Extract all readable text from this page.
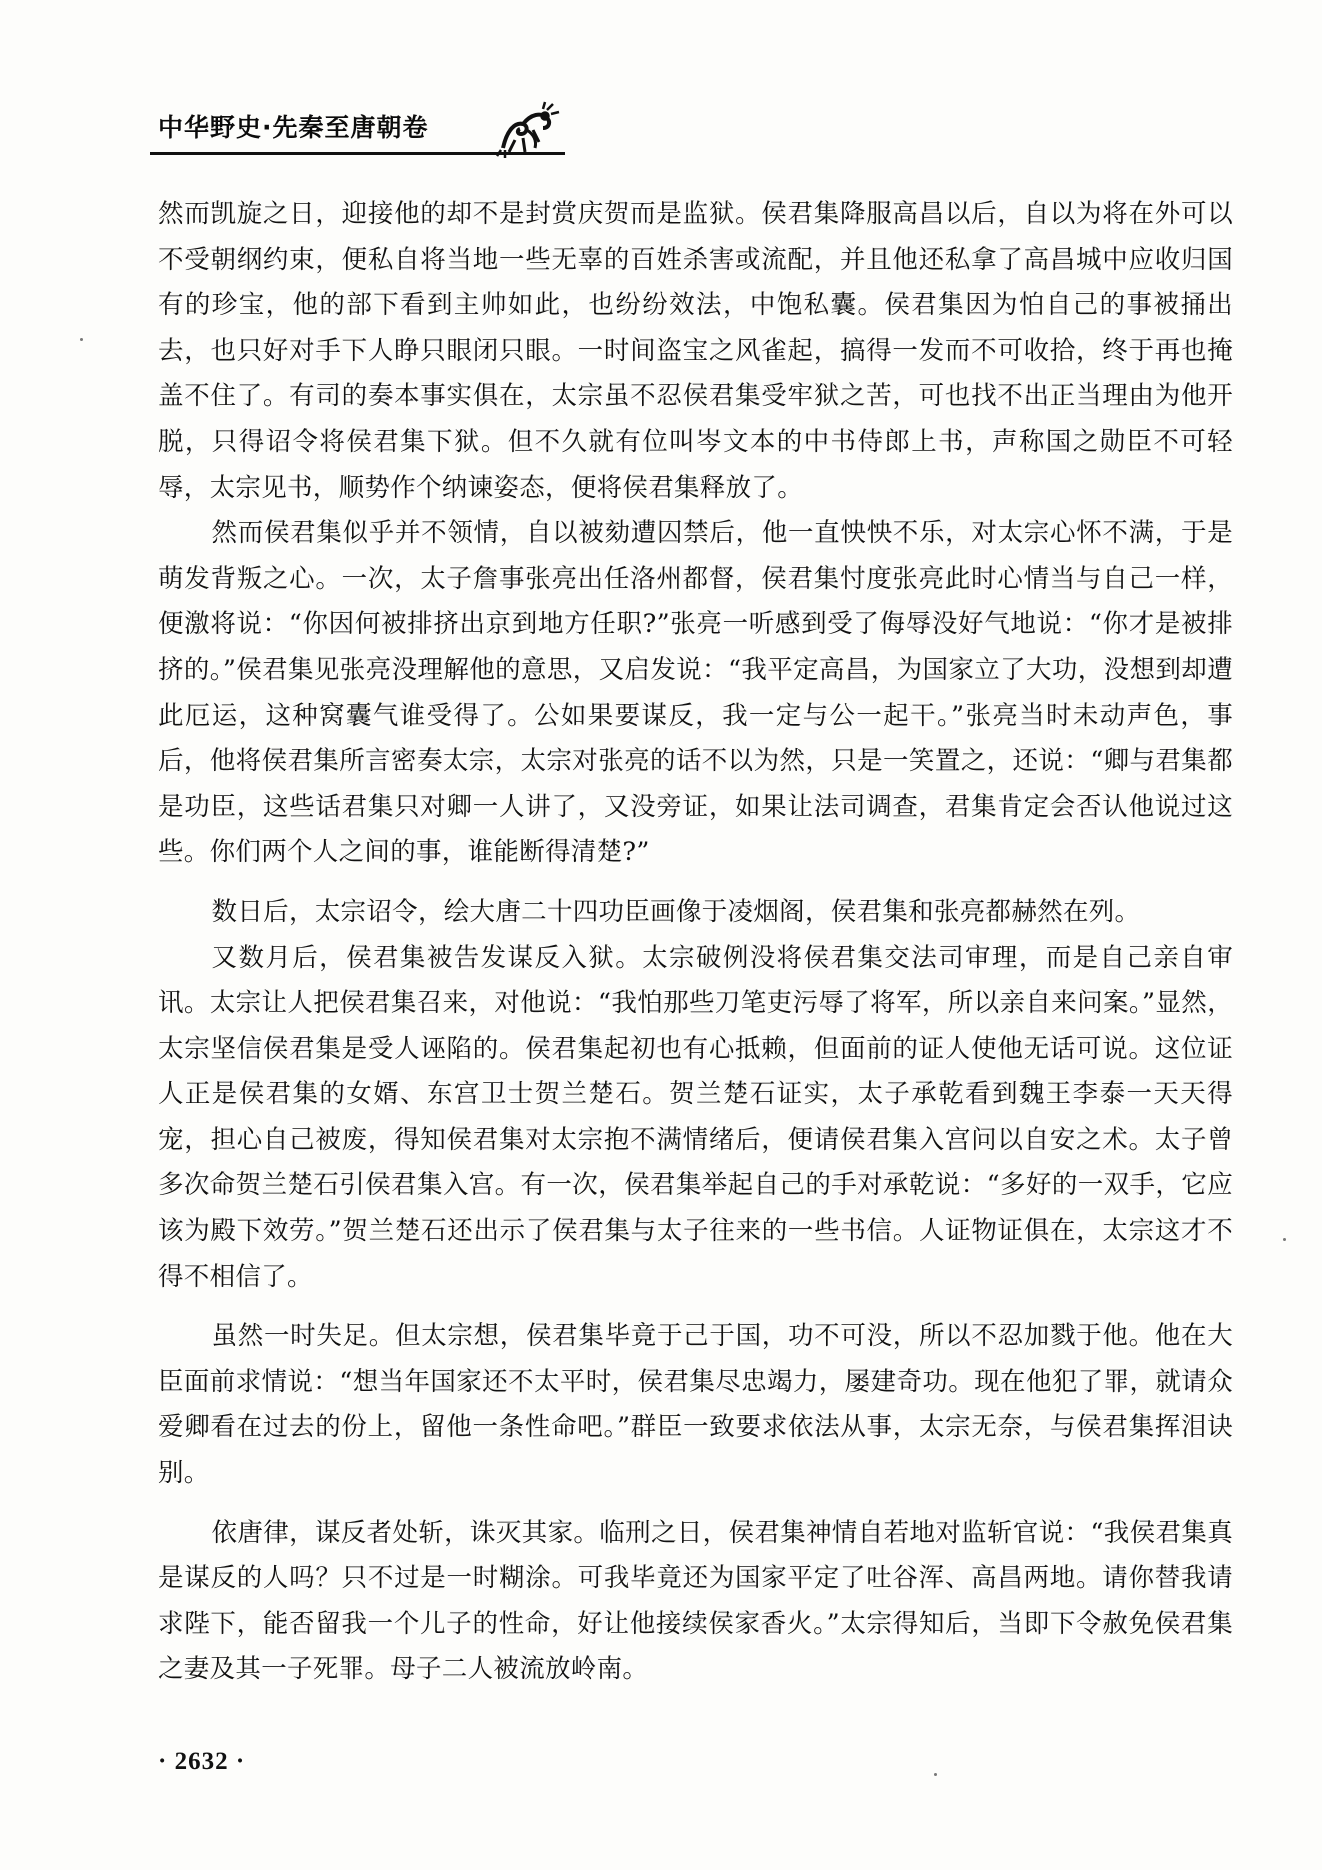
中华野史·先秦至唐朝卷

然而凯旋之日，迎接他的却不是封赏庆贺而是监狱。侯君集降服高昌以后，自以为将在外可以不受朝纲约束，便私自将当地一些无辜的百姓杀害或流配，并且他还私拿了高昌城中应收归国有的珍宝，他的部下看到主帅如此，也纷纷效法，中饱私囊。侯君集因为怕自己的事被捅出去，也只好对手下人睁只眼闭只眼。一时间盗宝之风雀起，搞得一发而不可收拾，终于再也掩盖不住了。有司的奏本事实俱在，太宗虽不忍侯君集受牢狱之苦，可也找不出正当理由为他开脱，只得诏令将侯君集下狱。但不久就有位叫岑文本的中书侍郎上书，声称国之勋臣不可轻辱，太宗见书，顺势作个纳谏姿态，便将侯君集释放了。

然而侯君集似乎并不领情，自以被劾遭囚禁后，他一直怏怏不乐，对太宗心怀不满，于是萌发背叛之心。一次，太子詹事张亮出任洛州都督，侯君集忖度张亮此时心情当与自己一样，便激将说：“你因何被排挤出京到地方任职?”张亮一听感到受了侮辱没好气地说：“你才是被排挤的。”侯君集见张亮没理解他的意思，又启发说：“我平定高昌，为国家立了大功，没想到却遭此厄运，这种窝囊气谁受得了。公如果要谋反，我一定与公一起干。”张亮当时未动声色，事后，他将侯君集所言密奏太宗，太宗对张亮的话不以为然，只是一笑置之，还说：“卿与君集都是功臣，这些话君集只对卿一人讲了，又没旁证，如果让法司调查，君集肯定会否认他说过这些。你们两个人之间的事，谁能断得清楚?”

数日后，太宗诏令，绘大唐二十四功臣画像于凌烟阁，侯君集和张亮都赫然在列。

又数月后，侯君集被告发谋反入狱。太宗破例没将侯君集交法司审理，而是自己亲自审讯。太宗让人把侯君集召来，对他说：“我怕那些刀笔吏污辱了将军，所以亲自来问案。”显然，太宗坚信侯君集是受人诬陷的。侯君集起初也有心抵赖，但面前的证人使他无话可说。这位证人正是侯君集的女婿、东宫卫士贺兰楚石。贺兰楚石证实，太子承乾看到魏王李泰一天天得宠，担心自己被废，得知侯君集对太宗抱不满情绪后，便请侯君集入宫问以自安之术。太子曾多次命贺兰楚石引侯君集入宫。有一次，侯君集举起自己的手对承乾说：“多好的一双手，它应该为殿下效劳。”贺兰楚石还出示了侯君集与太子往来的一些书信。人证物证俱在，太宗这才不得不相信了。

虽然一时失足。但太宗想，侯君集毕竟于己于国，功不可没，所以不忍加戮于他。他在大臣面前求情说：“想当年国家还不太平时，侯君集尽忠竭力，屡建奇功。现在他犯了罪，就请众爱卿看在过去的份上，留他一条性命吧。”群臣一致要求依法从事，太宗无奈，与侯君集挥泪诀别。

依唐律，谋反者处斩，诛灭其家。临刑之日，侯君集神情自若地对监斩官说：“我侯君集真是谋反的人吗？只不过是一时糊涂。可我毕竟还为国家平定了吐谷浑、高昌两地。请你替我请求陛下，能否留我一个儿子的性命，好让他接续侯家香火。”太宗得知后，当即下令赦免侯君集之妻及其一子死罪。母子二人被流放岭南。

· 2632 ·
